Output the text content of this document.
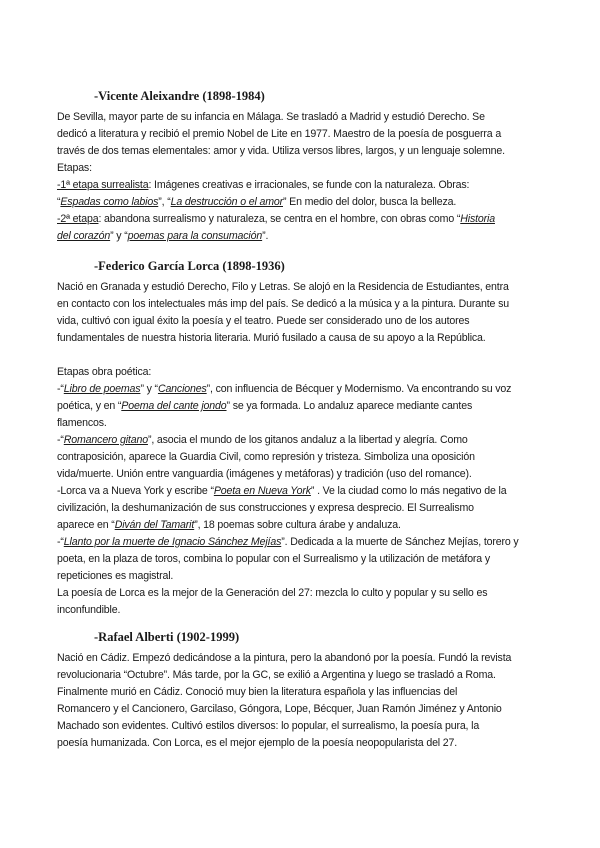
-Vicente Aleixandre (1898-1984)

De Sevilla, mayor parte de su infancia en Málaga. Se trasladó a Madrid y estudió Derecho. Se

dedicó a literatura y recibió el premio Nobel de Lite en 1977. Maestro de la poesía de posguerra a

través de dos temas elementales: amor y vida. Utiliza versos libres, largos, y un lenguaje solemne.

Etapas:

-1ª etapa surrealista: Imágenes creativas e irracionales, se funde con la naturaleza. Obras:

“Espadas como labios”, “La destrucción o el amor” En medio del dolor, busca la belleza.

-2ª etapa: abandona surrealismo y naturaleza, se centra en el hombre, con obras como “Historia

del corazón” y “poemas para la consumación”.

-Federico García Lorca (1898-1936)

Nació en Granada y estudió Derecho, Filo y Letras. Se alojó en la Residencia de Estudiantes, entra

en contacto con los intelectuales más imp del país. Se dedicó a la música y a la pintura. Durante su

vida, cultivó con igual éxito la poesía y el teatro. Puede ser considerado uno de los autores

fundamentales de nuestra historia literaria. Murió fusilado a causa de su apoyo a la República.

Etapas obra poética:

-“Libro de poemas” y “Canciones”, con influencia de Bécquer y Modernismo. Va encontrando su voz

poética, y en “Poema del cante jondo” se ya formada. Lo andaluz aparece mediante cantes

flamencos.

-“Romancero gitano”, asocia el mundo de los gitanos andaluz a la libertad y alegría. Como

contraposición, aparece la Guardia Civil, como represión y tristeza. Simboliza una oposición

vida/muerte. Unión entre vanguardia (imágenes y metáforas) y tradición (uso del romance).

-Lorca va a Nueva York y escribe “Poeta en Nueva York” . Ve la ciudad como lo más negativo de la

civilización, la deshumanización de sus construcciones y expresa desprecio. El Surrealismo

aparece en “Diván del Tamarit”, 18 poemas sobre cultura árabe y andaluza.

-“Llanto por la muerte de Ignacio Sánchez Mejías”. Dedicada a la muerte de Sánchez Mejías, torero y

poeta, en la plaza de toros, combina lo popular con el Surrealismo y la utilización de metáfora y

repeticiones es magistral.

La poesía de Lorca es la mejor de la Generación del 27: mezcla lo culto y popular y su sello es

inconfundible.

-Rafael Alberti (1902-1999)

Nació en Cádiz. Empezó dedicándose a la pintura, pero la abandonó por la poesía. Fundó la revista

revolucionaria “Octubre”. Más tarde, por la GC, se exilió a Argentina y luego se trasladó a Roma.

Finalmente murió en Cádiz. Conoció muy bien la literatura española y las influencias del

Romancero y el Cancionero, Garcilaso, Góngora, Lope, Bécquer, Juan Ramón Jiménez y Antonio

Machado son evidentes. Cultivó estilos diversos: lo popular, el surrealismo, la poesía pura, la

poesía humanizada. Con Lorca, es el mejor ejemplo de la poesía neopopularista del 27.
